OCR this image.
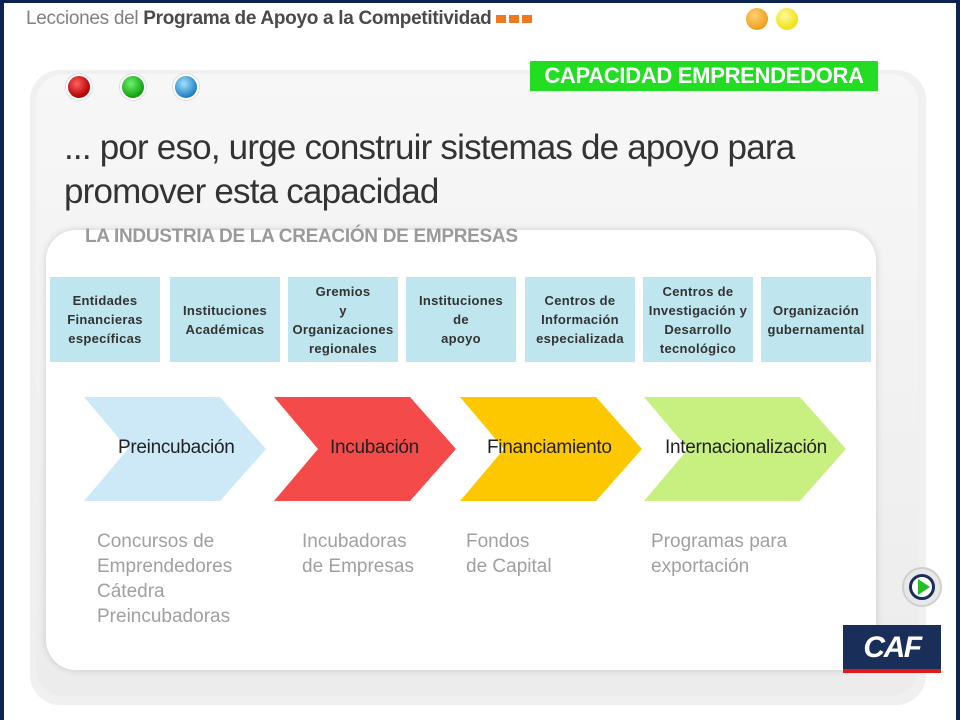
Lecciones del Programa de Apoyo a la Competitividad
CAPACIDAD EMPRENDEDORA
... por eso, urge construir sistemas de apoyo para
promover esta capacidad
LA INDUSTRIA DE LA CREACIÓN DE EMPRESAS
Entidades
Financieras
específicas
Instituciones
Académicas
Gremios
y
Organizaciones
regionales
Instituciones
de
apoyo
Centros de
Información
especializada
Centros de
Investigación y
Desarrollo
tecnológico
Organización
gubernamental
Preincubación	Incubación	Financiamiento	Internacionalización
Concursos de
Emprendedores
Cátedra
Preincubadoras
Incubadoras
de Empresas
Fondos
de Capital
Programas para
exportación
CAF
